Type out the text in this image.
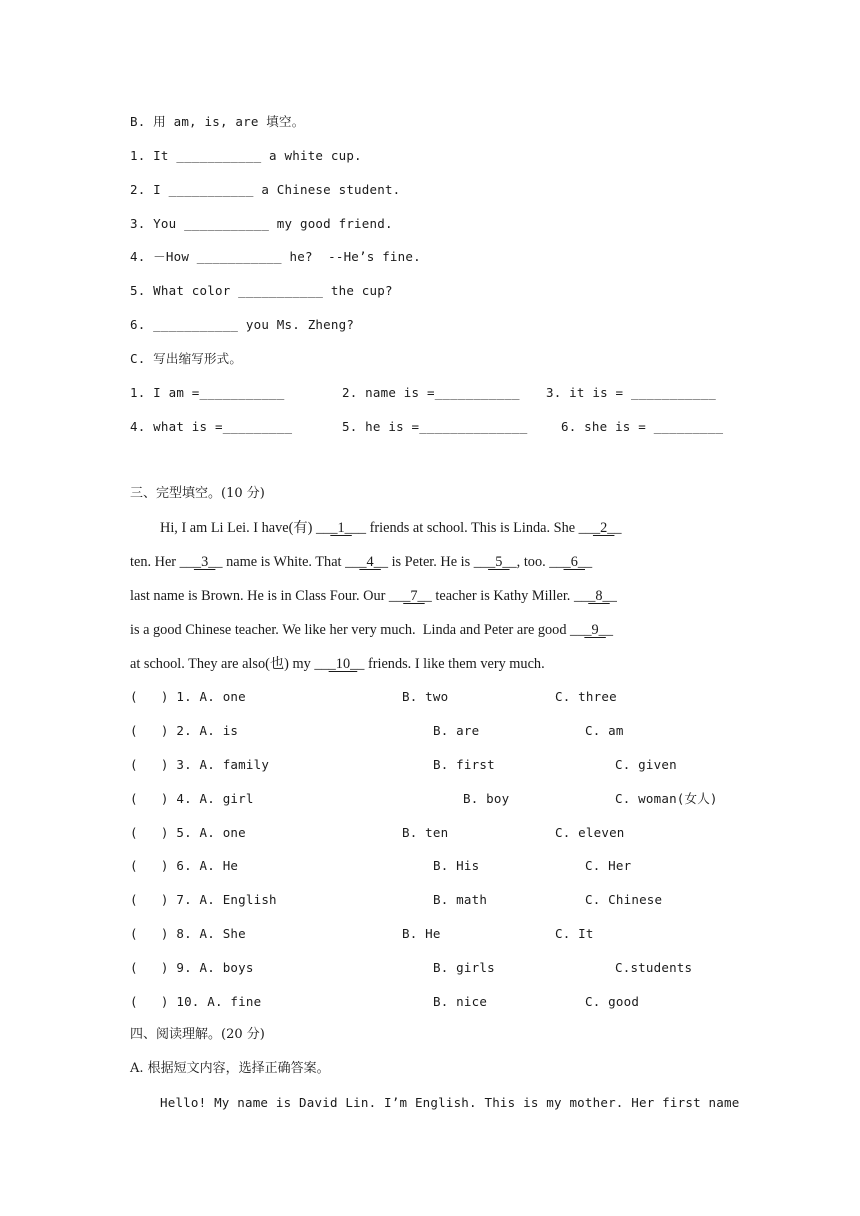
B. 用 am, is, are 填空。
1. It ___________ a white cup.
2. I ___________ a Chinese student.
3. You ___________ my good friend.
4. －How ___________ he?  --He’s fine.
5. What color ___________ the cup?
6. ___________ you Ms. Zheng?
C. 写出缩写形式。
1. I am =___________	2. name is =___________ 3. it is = ___________
4. what is =_________	5. he is =______________	6. she is = _________
三、完型填空。(10 分)
Hi, I am Li Lei. I have(有) ___1___ friends at school. This is Linda. She ___2__
ten. Her ___3__ name is White. That ___4__ is Peter. He is ___5__, too. ___6__
last name is Brown. He is in Class Four. Our ___7__ teacher is Kathy Miller. ___8__
is a good Chinese teacher. We like her very much.  Linda and Peter are good ___9__
at school. They are also(也) my ___10__ friends. I like them very much.
(   ) 1. A. one	B. two	C. three
(   ) 2. A. is	B. are	C. am
(   ) 3. A. family	B. first	C. given
(   ) 4. A. girl	B. boy	C. woman(女人)
(   ) 5. A. one	B. ten	C. eleven
(   ) 6. A. He	B. His	C. Her
(   ) 7. A. English	B. math	C. Chinese
(   ) 8. A. She	B. He	C. It
(   ) 9. A. boys	B. girls	C.students
(   ) 10. A. fine	B. nice	C. good
四、阅读理解。(20 分)
A. 根据短文内容，选择正确答案。
Hello! My name is David Lin. I’m English. This is my mother. Her first name
